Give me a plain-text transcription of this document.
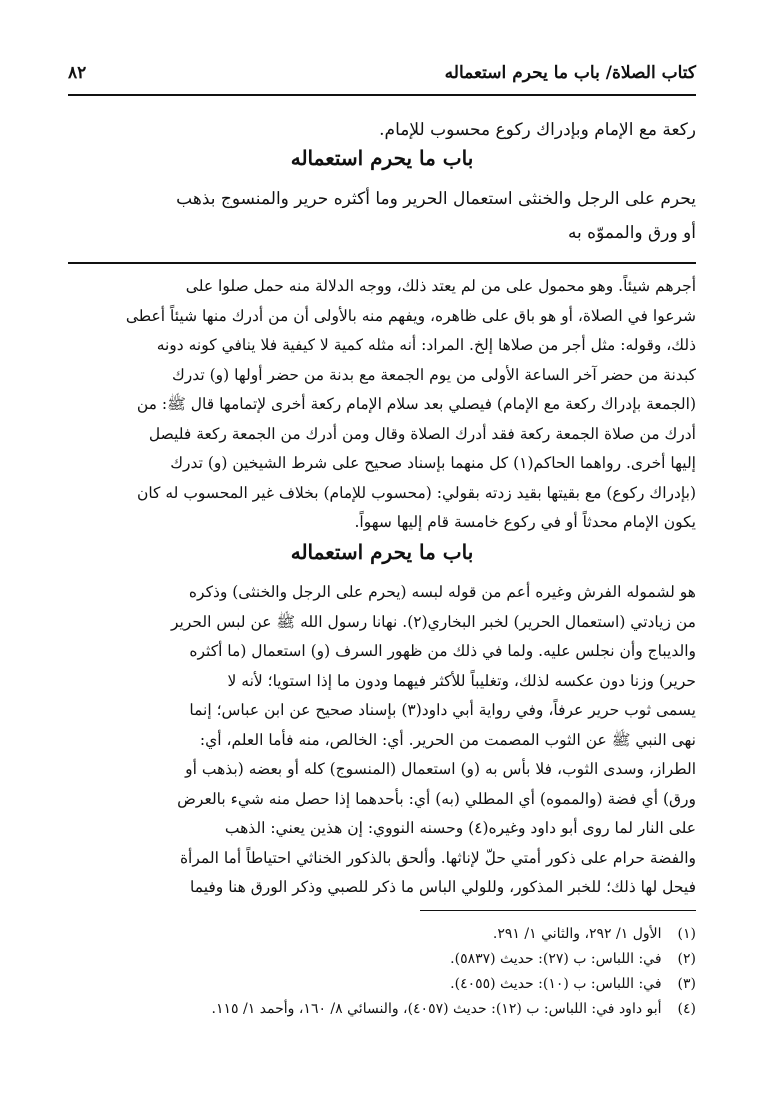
كتاب الصلاة/ باب ما يحرم استعماله
٨٢
ركعة مع الإمام وبإدراك ركوع محسوب للإمام.
باب ما يحرم استعماله
يحرم على الرجل والخنثى استعمال الحرير وما أكثره حرير والمنسوج بذهب
أو ورق والمموّه به
أجرهم شيئاً. وهو محمول على من لم يعتد ذلك، ووجه الدلالة منه حمل صلوا على
شرعوا في الصلاة، أو هو باق على ظاهره، ويفهم منه بالأولى أن من أدرك منها شيئاً أعطى
ذلك، وقوله: مثل أجر من صلاها إلخ. المراد: أنه مثله كمية لا كيفية فلا ينافي كونه دونه
كبدنة من حضر آخر الساعة الأولى من يوم الجمعة مع بدنة من حضر أولها (و) تدرك
(الجمعة بإدراك ركعة مع الإمام) فيصلي بعد سلام الإمام ركعة أخرى لإتمامها قال ﷺ: من
أدرك من صلاة الجمعة ركعة فقد أدرك الصلاة وقال ومن أدرك من الجمعة ركعة فليصل
إليها أخرى. رواهما الحاكم(١) كل منهما بإسناد صحيح على شرط الشيخين (و) تدرك
(بإدراك ركوع) مع بقيتها بقيد زدته بقولي: (محسوب للإمام) بخلاف غير المحسوب له كان
يكون الإمام محدثاً أو في ركوع خامسة قام إليها سهواً.
باب ما يحرم استعماله
هو لشموله الفرش وغيره أعم من قوله لبسه (يحرم على الرجل والخنثى) وذكره
من زيادتي (استعمال الحرير) لخبر البخاري(٢). نهانا رسول الله ﷺ عن لبس الحرير
والديباج وأن نجلس عليه. ولما في ذلك من ظهور السرف (و) استعمال (ما أكثره
حرير) وزنا دون عكسه لذلك، وتغليباً للأكثر فيهما ودون ما إذا استويا؛ لأنه لا
يسمى ثوب حرير عرفاً، وفي رواية أبي داود(٣) بإسناد صحيح عن ابن عباس؛ إنما
نهى النبي ﷺ عن الثوب المصمت من الحرير. أي: الخالص، منه فأما العلم، أي:
الطراز، وسدى الثوب، فلا بأس به (و) استعمال (المنسوج) كله أو بعضه (بذهب أو
ورق) أي فضة (والمموه) أي المطلي (به) أي: بأحدهما إذا حصل منه شيء بالعرض
على النار لما روى أبو داود وغيره(٤) وحسنه النووي: إن هذين يعني: الذهب
والفضة حرام على ذكور أمتي حلّ لإناثها. وألحق بالذكور الخناثي احتياطاً أما المرأة
فيحل لها ذلك؛ للخبر المذكور، وللولي الباس ما ذكر للصبي وذكر الورق هنا وفيما
(١) الأول ١/ ٢٩٢، والثاني ١/ ٢٩١.
(٢) في: اللباس: ب (٢٧): حديث (٥٨٣٧).
(٣) في: اللباس: ب (١٠): حديث (٤٠٥٥).
(٤) أبو داود في: اللباس: ب (١٢): حديث (٤٠٥٧)، والنسائي ٨/ ١٦٠، وأحمد ١/ ١١٥.
